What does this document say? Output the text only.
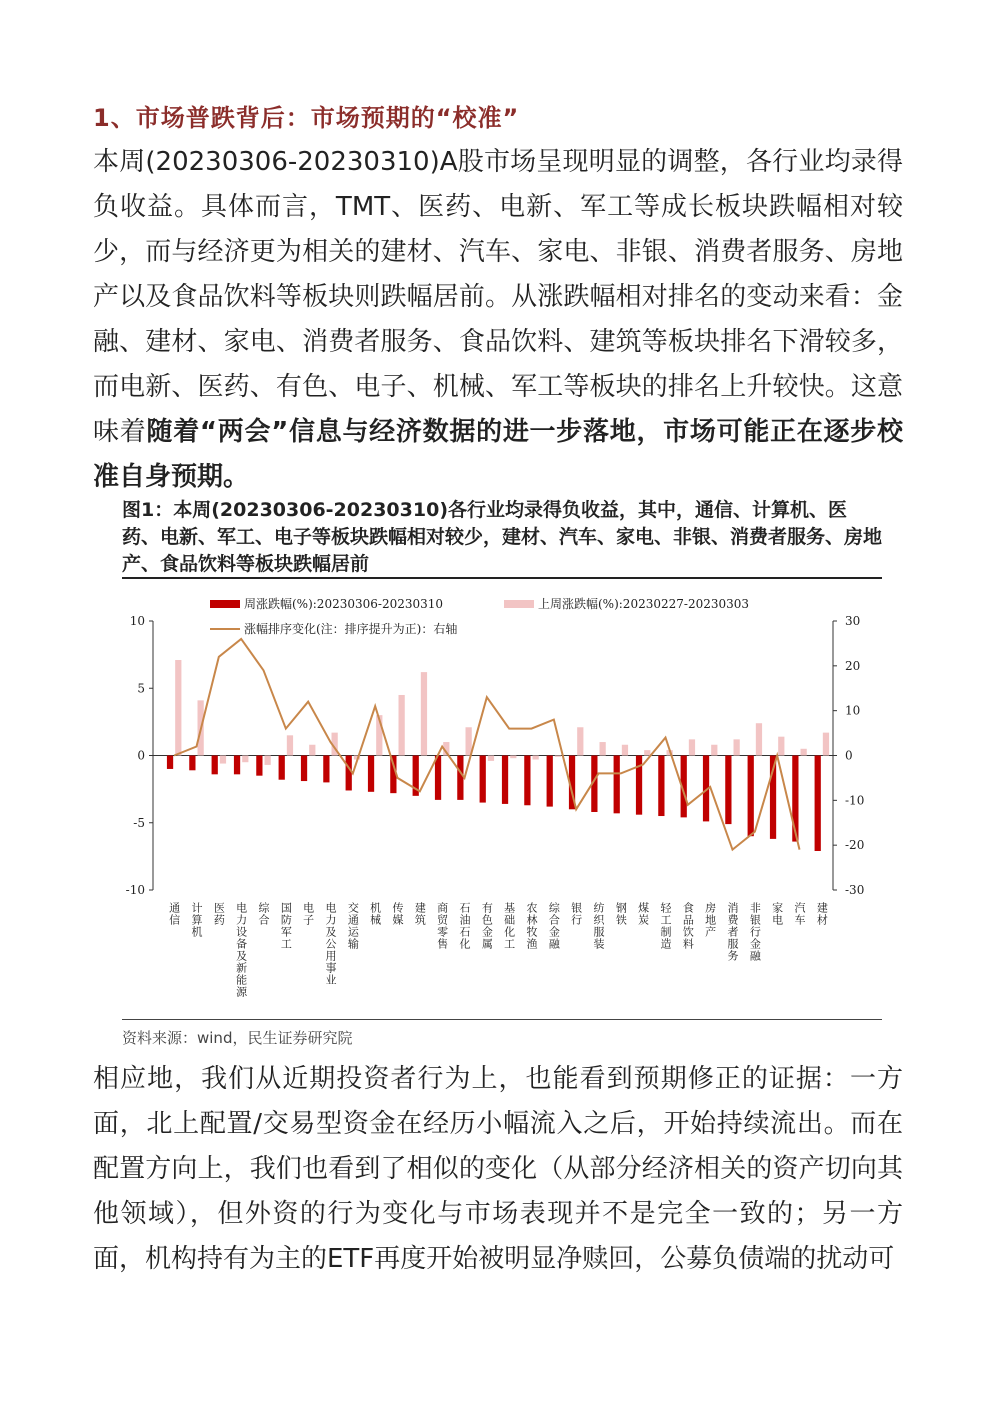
1、市场普跌背后：市场预期的“校准”
本周(20230306-20230310)A股市场呈现明显的调整，各行业均录得负收益。具体而言，TMT、医药、电新、军工等成长板块跌幅相对较少，而与经济更为相关的建材、汽车、家电、非银、消费者服务、房地产以及食品饮料等板块则跌幅居前。从涨跌幅相对排名的变动来看：金融、建材、家电、消费者服务、食品饮料、建筑等板块排名下滑较多，而电新、医药、有色、电子、机械、军工等板块的排名上升较快。这意味着随着“两会”信息与经济数据的进一步落地，市场可能正在逐步校准自身预期。
图1：本周(20230306-20230310)各行业均录得负收益，其中，通信、计算机、医药、电新、军工、电子等板块跌幅相对较少，建材、汽车、家电、非银、消费者服务、房地产、食品饮料等板块跌幅居前
10
5
0
-5
-10
30
20
10
0
-10
-20
-30
通信 计算机 医药 电力设备及新能源 综合 国防军工 电子 电力及公用事业 交通运输 机械 传媒 建筑 商贸零售 石油石化 有色金属 基础化工 农林牧渔 综合金融 银行 纺织服装 钢铁 煤炭 轻工制造 食品饮料 房地产 消费者服务 非银行金融 家电 汽车 建材
周涨跌幅(%):20230306-20230310	上周涨跌幅(%):20230227-20230303
涨幅排序变化(注：排序提升为正)：右轴
资料来源：wind，民生证券研究院
相应地，我们从近期投资者行为上，也能看到预期修正的证据：一方面，北上配置/交易型资金在经历小幅流入之后，开始持续流出。而在配置方向上，我们也看到了相似的变化（从部分经济相关的资产切向其他领域），但外资的行为变化与市场表现并不是完全一致的；另一方面，机构持有为主的ETF再度开始被明显净赎回，公募负债端的扰动可
